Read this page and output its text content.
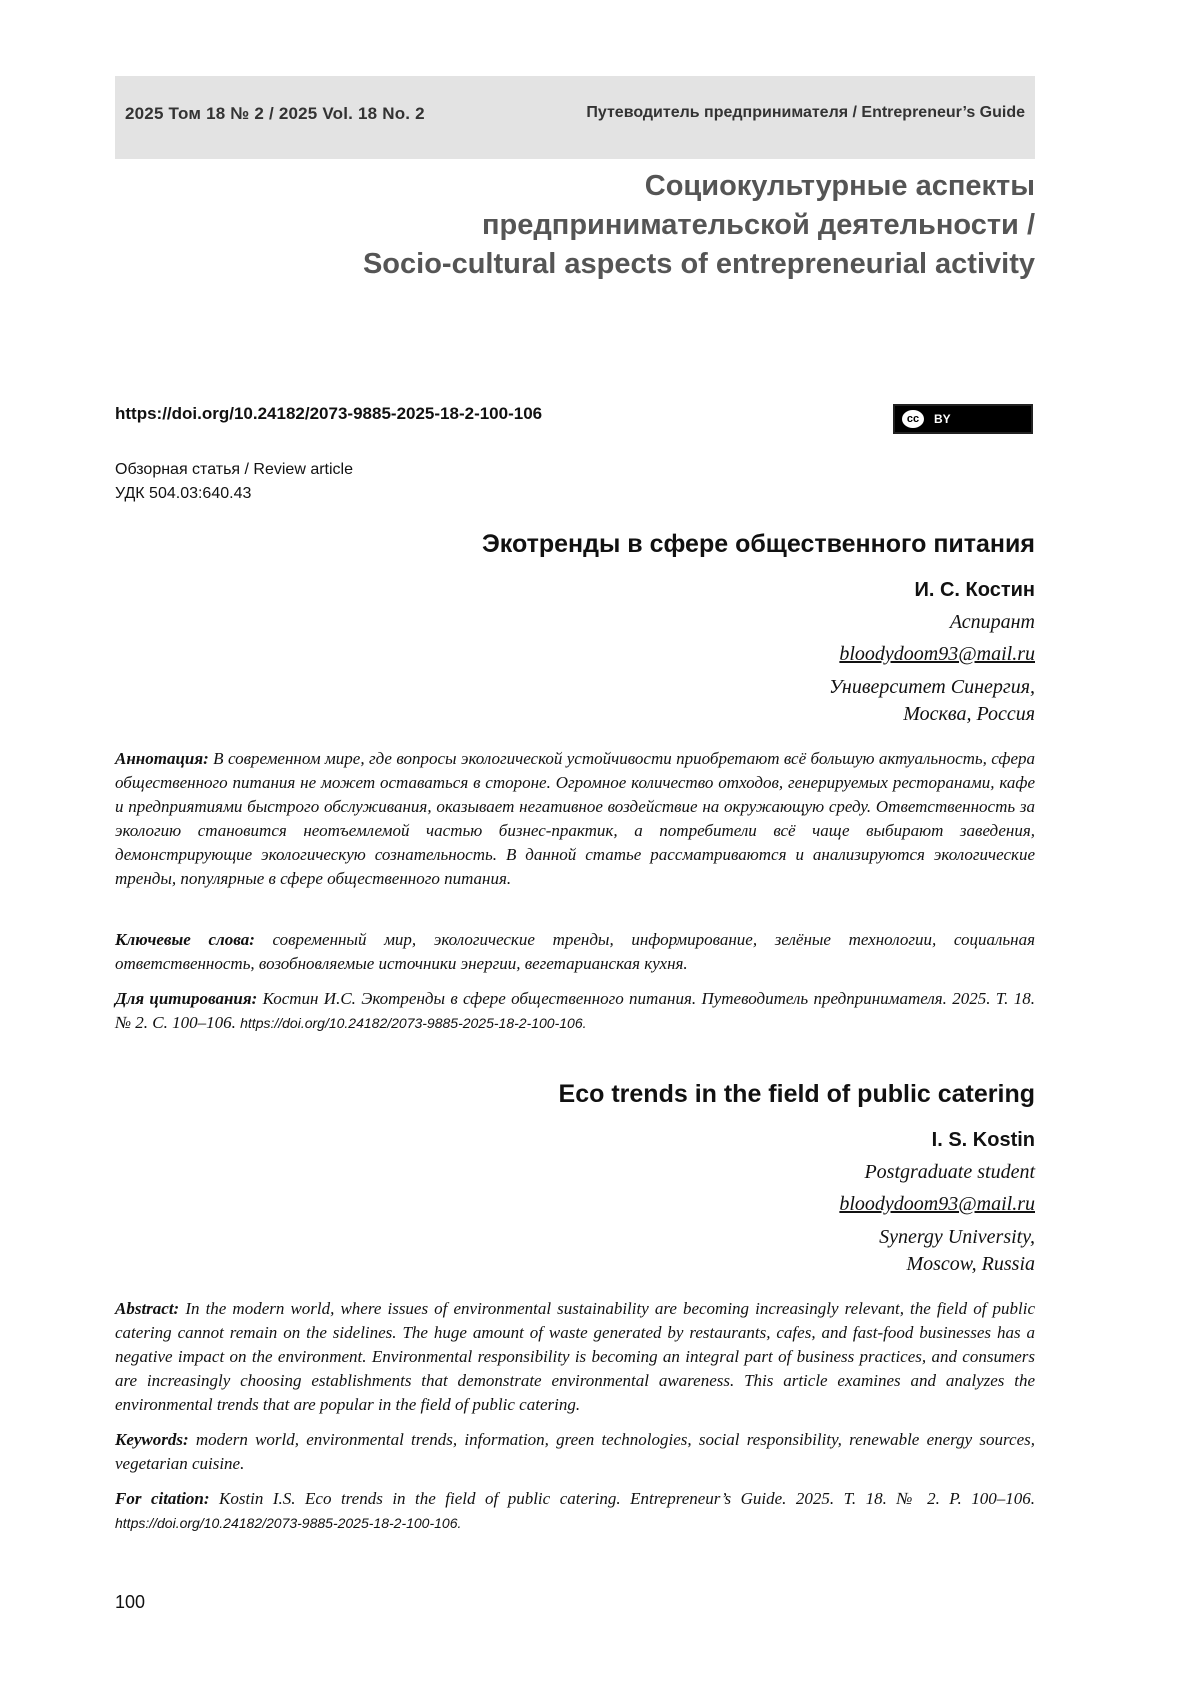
2025 Том 18 № 2 / 2025 Vol. 18 No. 2	Путеводитель предпринимателя / Entrepreneur’s Guide
Социокультурные аспекты
предпринимательской деятельности /
Socio-cultural aspects of entrepreneurial activity
https://doi.org/10.24182/2073-9885-2025-18-2-100-106	cc	BY
Обзорная статья / Review article
УДК 504.03:640.43
Экотренды в сфере общественного питания
И. С. Костин
Аспирант
bloodydoom93@mail.ru
Университет Синергия,
Москва, Россия
Аннотация: В современном мире, где вопросы экологической устойчивости приобретают всё большую актуальность, сфера общественного питания не может оставаться в стороне. Огромное количество отходов, генерируемых ресторанами, кафе и предприятиями быстрого обслуживания, оказывает негативное воздействие на окружающую среду. Ответственность за экологию становится неотъемлемой частью бизнес-практик, а потребители всё чаще выбирают заведения, демонстрирующие экологическую сознательность. В данной статье рассматриваются и анализируются экологические тренды, популярные в сфере общественного питания.
Ключевые слова: современный мир, экологические тренды, информирование, зелёные технологии, социальная ответственность, возобновляемые источники энергии, вегетарианская кухня.
Для цитирования: Костин И.С. Экотренды в сфере общественного питания. Путеводитель предпринимателя. 2025. Т. 18. № 2. С. 100–106. https://doi.org/10.24182/2073-9885-2025-18-2-100-106.
Eco trends in the field of public catering
I. S. Kostin
Postgraduate student
bloodydoom93@mail.ru
Synergy University,
Moscow, Russia
Abstract: In the modern world, where issues of environmental sustainability are becoming increasingly relevant, the field of public catering cannot remain on the sidelines. The huge amount of waste generated by restaurants, cafes, and fast-food businesses has a negative impact on the environment. Environmental responsibility is becoming an integral part of business practices, and consumers are increasingly choosing establishments that demonstrate environmental awareness. This article examines and analyzes the environmental trends that are popular in the field of public catering.
Keywords: modern world, environmental trends, information, green technologies, social responsibility, renewable energy sources, vegetarian cuisine.
For citation: Kostin I.S. Eco trends in the field of public catering. Entrepreneur’s Guide. 2025. T. 18. № 2. P. 100–106. https://doi.org/10.24182/2073-9885-2025-18-2-100-106.
100
